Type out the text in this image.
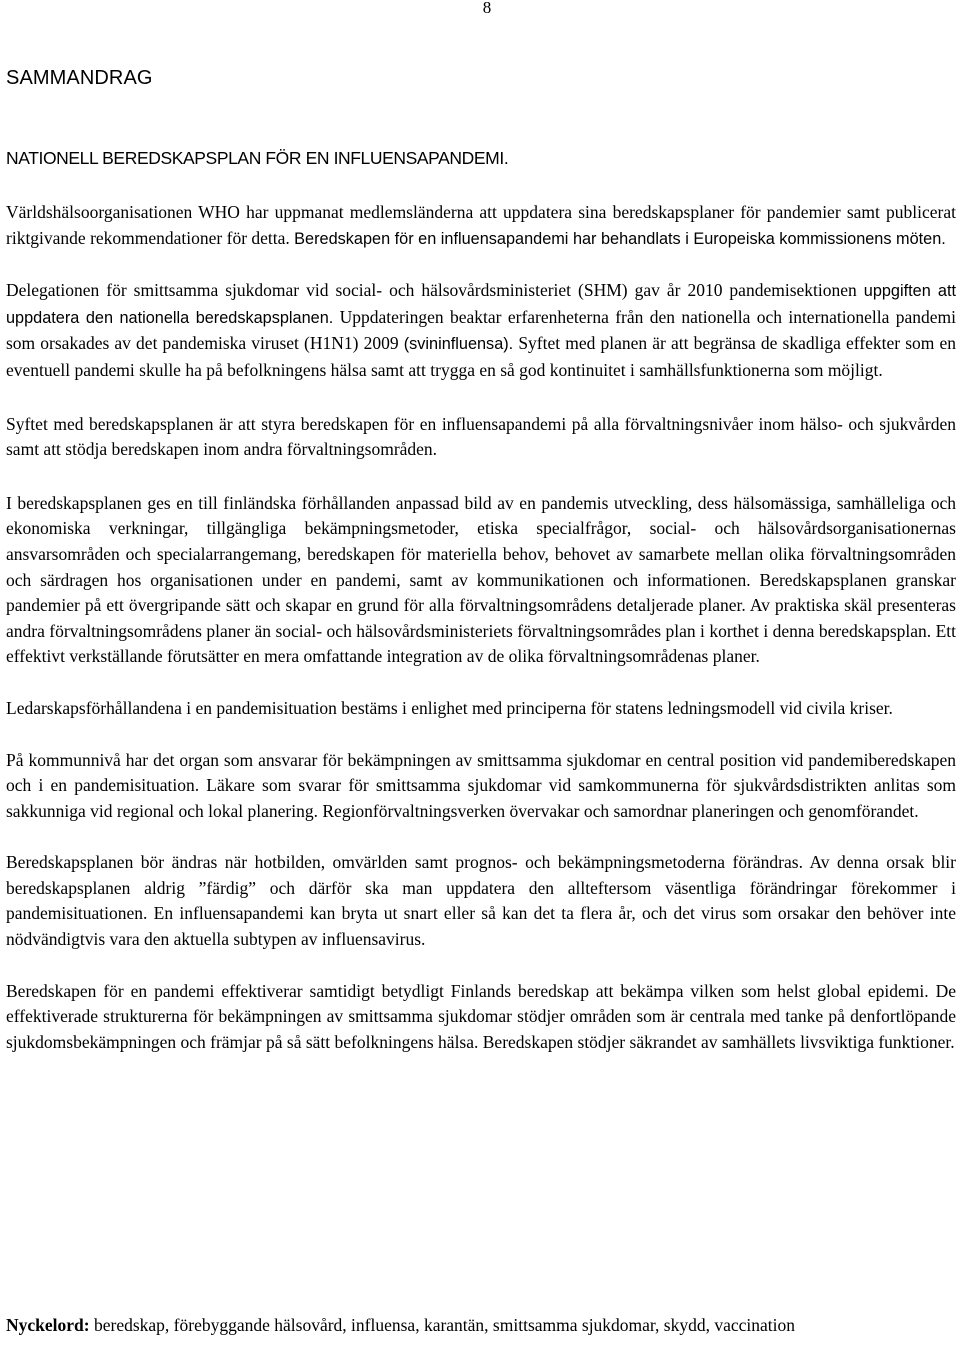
8
SAMMANDRAG
NATIONELL BEREDSKAPSPLAN FÖR EN INFLUENSAPANDEMI.

Världshälsoorganisationen WHO har uppmanat medlemsländerna att uppdatera sina beredskapsplaner för pandemier samt publicerat riktgivande rekommendationer för detta. Beredskapen för en influensapandemi har behandlats i Europeiska kommissionens möten.

Delegationen för smittsamma sjukdomar vid social- och hälsovårdsministeriet (SHM) gav år 2010 pandemisektionen uppgiften att uppdatera den nationella beredskapsplanen. Uppdateringen beaktar erfarenheterna från den nationella och internationella pandemi som orsakades av det pandemiska viruset (H1N1) 2009 (svininfluensa). Syftet med planen är att begränsa de skadliga effekter som en eventuell pandemi skulle ha på befolkningens hälsa samt att trygga en så god kontinuitet i samhällsfunktionerna som möjligt.

Syftet med beredskapsplanen är att styra beredskapen för en influensapandemi på alla förvaltningsnivåer inom hälso- och sjukvården samt att stödja beredskapen inom andra förvaltningsområden.

I beredskapsplanen ges en till finländska förhållanden anpassad bild av en pandemis utveckling, dess hälsomässiga, samhälleliga och ekonomiska verkningar, tillgängliga bekämpningsmetoder, etiska specialfrågor, social- och hälsovårdsorganisationernas ansvarsområden och specialarrangemang, beredskapen för materiella behov, behovet av samarbete mellan olika förvaltningsområden och särdragen hos organisationen under en pandemi, samt av kommunikationen och informationen. Beredskapsplanen granskar pandemier på ett övergripande sätt och skapar en grund för alla förvaltningsområdens detaljerade planer. Av praktiska skäl presenteras andra förvaltningsområdens planer än social- och hälsovårdsministeriets förvaltningsområdes plan i korthet i denna beredskapsplan. Ett effektivt verkställande förutsätter en mera omfattande integration av de olika förvaltningsområdenas planer.

Ledarskapsförhållandena i en pandemisituation bestäms i enlighet med principerna för statens ledningsmodell vid civila kriser.

På kommunnivå har det organ som ansvarar för bekämpningen av smittsamma sjukdomar en central position vid pandemiberedskapen och i en pandemisituation. Läkare som svarar för smittsamma sjukdomar vid samkommunerna för sjukvårdsdistrikten anlitas som sakkunniga vid regional och lokal planering. Regionförvaltningsverken övervakar och samordnar planeringen och genomförandet.

Beredskapsplanen bör ändras när hotbilden, omvärlden samt prognos- och bekämpningsmetoderna förändras. Av denna orsak blir beredskapsplanen aldrig ”färdig” och därför ska man uppdatera den allteftersom väsentliga förändringar förekommer i pandemisituationen. En influensapandemi kan bryta ut snart eller så kan det ta flera år, och det virus som orsakar den behöver inte nödvändigtvis vara den aktuella subtypen av influensavirus.

Beredskapen för en pandemi effektiverar samtidigt betydligt Finlands beredskap att bekämpa vilken som helst global epidemi. De effektiverade strukturerna för bekämpningen av smittsamma sjukdomar stödjer områden som är centrala med tanke på denfortlöpande sjukdomsbekämpningen och främjar på så sätt befolkningens hälsa. Beredskapen stödjer säkrandet av samhällets livsviktiga funktioner.

Nyckelord: beredskap, förebyggande hälsovård, influensa, karantän, smittsamma sjukdomar, skydd, vaccination
